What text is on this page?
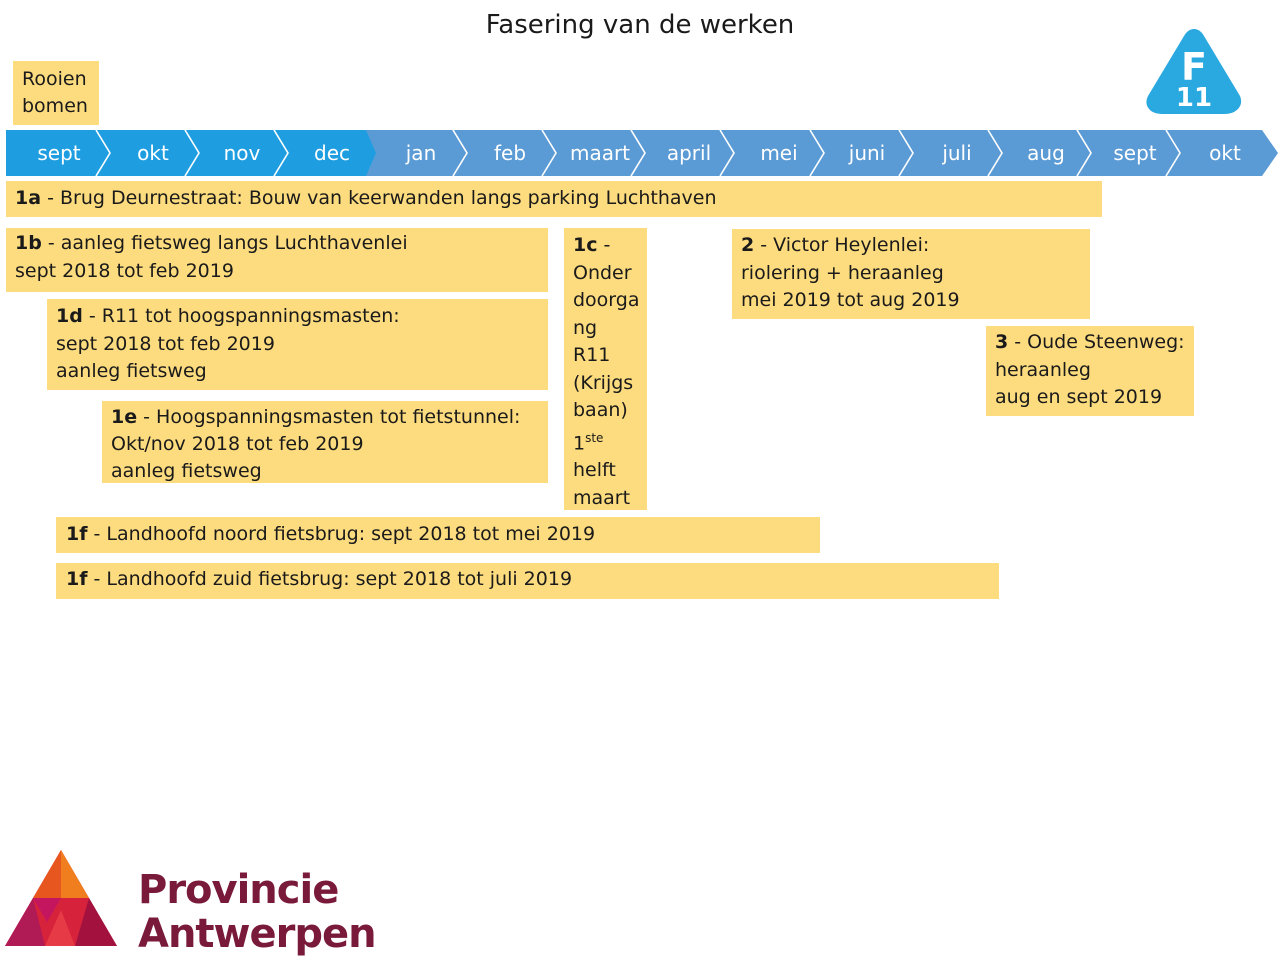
Fasering van de werken
Rooien bomen
F
11
sept	okt	nov	dec	jan	feb	maart	april	mei	juni	juli	aug	sept	okt
1a - Brug Deurnestraat: Bouw van keerwanden langs parking Luchthaven
1b - aanleg fietsweg langs Luchthavenlei
sept 2018 tot feb 2019
1c -
Onder
doorga
ng R11
(Krijgs
baan)
1ste
helft
maart
2 - Victor Heylenlei:
riolering + heraanleg
mei 2019 tot aug 2019
1d - R11 tot hoogspanningsmasten:
sept 2018 tot feb 2019
aanleg fietsweg
3 - Oude Steenweg:
heraanleg
aug en sept 2019
1e - Hoogspanningsmasten tot fietstunnel:
Okt/nov 2018 tot feb 2019
aanleg fietsweg
1f - Landhoofd noord fietsbrug: sept 2018 tot mei 2019
1f - Landhoofd zuid fietsbrug: sept 2018 tot juli 2019
Provincie
Antwerpen
